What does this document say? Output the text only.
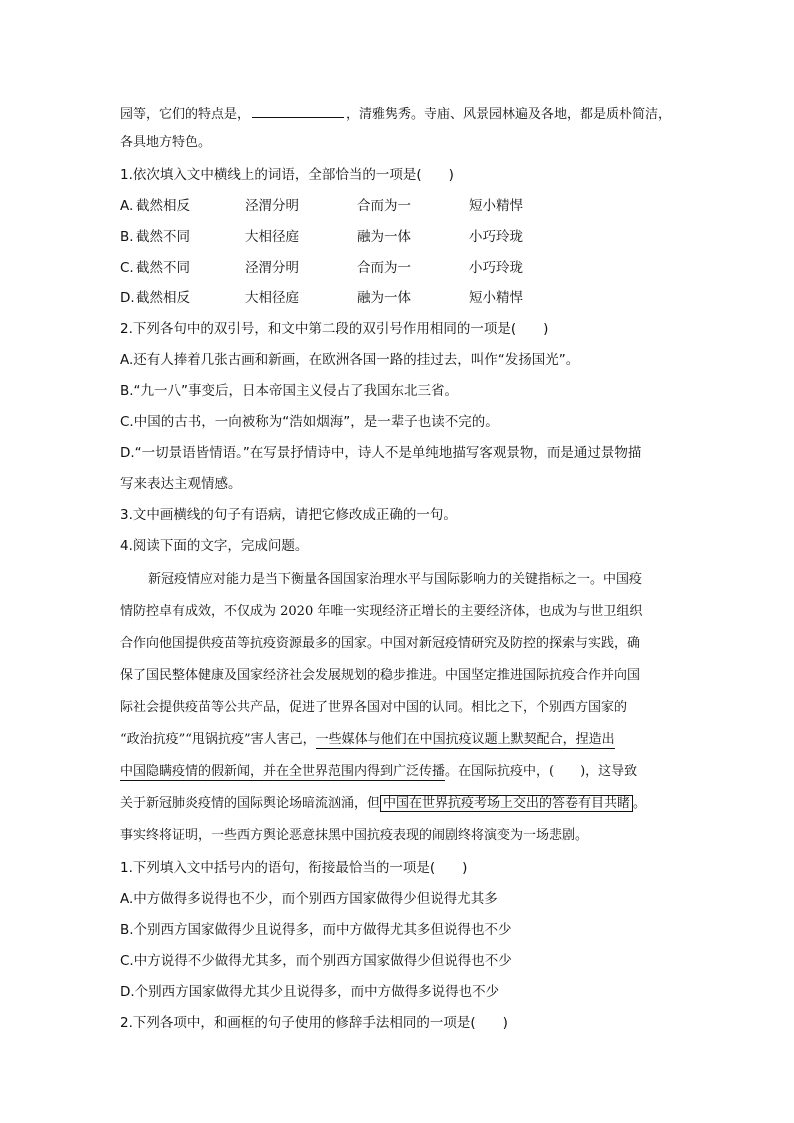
园等，它们的特点是，	，清雅隽秀。寺庙、风景园林遍及各地，都是质朴简洁，
各具地方特色。
1.依次填入文中横线上的词语，全部恰当的一项是(　　)
A. 截然相反	泾渭分明	合而为一	短小精悍
B. 截然不同	大相径庭	融为一体	小巧玲珑
C. 截然不同	泾渭分明	合而为一	小巧玲珑
D. 截然相反	大相径庭	融为一体	短小精悍
2.下列各句中的双引号，和文中第二段的双引号作用相同的一项是(　　)
A.还有人捧着几张古画和新画，在欧洲各国一路的挂过去，叫作“发扬国光”。
B.“九一八”事变后，日本帝国主义侵占了我国东北三省。
C.中国的古书，一向被称为“浩如烟海”，是一辈子也读不完的。
D.“一切景语皆情语。”在写景抒情诗中，诗人不是单纯地描写客观景物，而是通过景物描
写来表达主观情感。
3.文中画横线的句子有语病，请把它修改成正确的一句。
4.阅读下面的文字，完成问题。
新冠疫情应对能力是当下衡量各国国家治理水平与国际影响力的关键指标之一。中国疫
情防控卓有成效，不仅成为 2020 年唯一实现经济正增长的主要经济体，也成为与世卫组织
合作向他国提供疫苗等抗疫资源最多的国家。中国对新冠疫情研究及防控的探索与实践，确
保了国民整体健康及国家经济社会发展规划的稳步推进。中国坚定推进国际抗疫合作并向国
际社会提供疫苗等公共产品，促进了世界各国对中国的认同。相比之下，个别西方国家的
“政治抗疫”“甩锅抗疫”害人害己，一些媒体与他们在中国抗疫议题上默契配合，捏造出
中国隐瞒疫情的假新闻，并在全世界范围内得到广泛传播。在国际抗疫中，(　　)，这导致
关于新冠肺炎疫情的国际舆论场暗流汹涌，但 中国在世界抗疫考场上交出的答卷有目共睹 。
事实终将证明，一些西方舆论恶意抹黑中国抗疫表现的闹剧终将演变为一场悲剧。
1.下列填入文中括号内的语句，衔接最恰当的一项是(　　)
A.中方做得多说得也不少，而个别西方国家做得少但说得尤其多
B.个别西方国家做得少且说得多，而中方做得尤其多但说得也不少
C.中方说得不少做得尤其多，而个别西方国家做得少但说得也不少
D.个别西方国家做得尤其少且说得多，而中方做得多说得也不少
2.下列各项中，和画框的句子使用的修辞手法相同的一项是(　　)
